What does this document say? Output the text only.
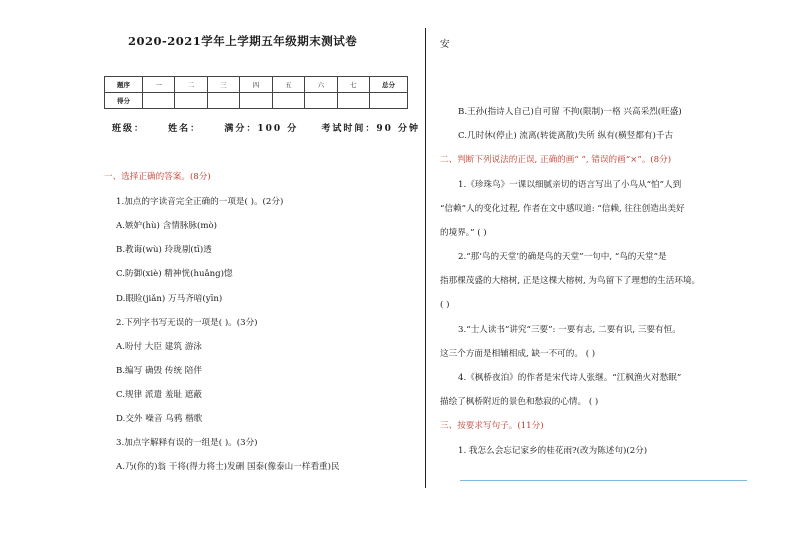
2020-2021学年上学期五年级期末测试卷	安
题序	一	二	三	四	五	六	七	总分
得分								
班级：	姓名：	满分：100 分	考试时间：90 分钟
一、选择正确的答案。(8分)
1.加点的字读音完全正确的一项是( )。(2分)
A.嫉妒(hù) 含情脉脉(mò)
B.教诲(wù) 玲珑剔(tī)透
C.防御(xiè) 精神恍(huǎng)惚
D.眼睑(jiǎn) 万马齐喑(yīn)
2.下列字书写无误的一项是( )。(3分)
A.吩付 大臣 建筑 游泳
B.编写 确毁 传统 陪伴
C.规律 派遣 羞耻 遮蔽
D.交外 噪音 乌鸦 楷歌
3.加点字解释有误的一组是( )。(3分)
A.乃(你的)翁 干将(得力将士)发硎 国泰(像泰山一样看重)民
B.王孙(指诗人自己)自可留 不拘(限制)一格 兴高采烈(旺盛)
C.几时休(停止) 流离(转徙离散)失所 纵有(横竖都有)千古
二、判断下列说法的正误, 正确的画“ ”, 错误的画“×”。(8分)
1.《珍珠鸟》一课以细腻亲切的语言写出了小鸟从“怕”人到
“信赖”人的变化过程, 作者在文中感叹道: “信赖, 往往创造出美好
的境界。” ( )
2.“那‘鸟的天堂’的确是鸟的天堂”一句中, “鸟的天堂”是
指那棵茂盛的大榕树, 正是这棵大榕树, 为鸟留下了理想的生活环境。
( )
3.“士人读书”讲究“三要”: 一要有志, 二要有识, 三要有恒。
这三个方面是相辅相成, 缺一不可的。 ( )
4.《枫桥夜泊》的作者是宋代诗人张继。“江枫渔火对愁眠”
描绘了枫桥附近的景色和愁寂的心情。 ( )
三、按要求写句子。(11分)
1. 我怎么会忘记家乡的桂花雨?(改为陈述句)(2分)
